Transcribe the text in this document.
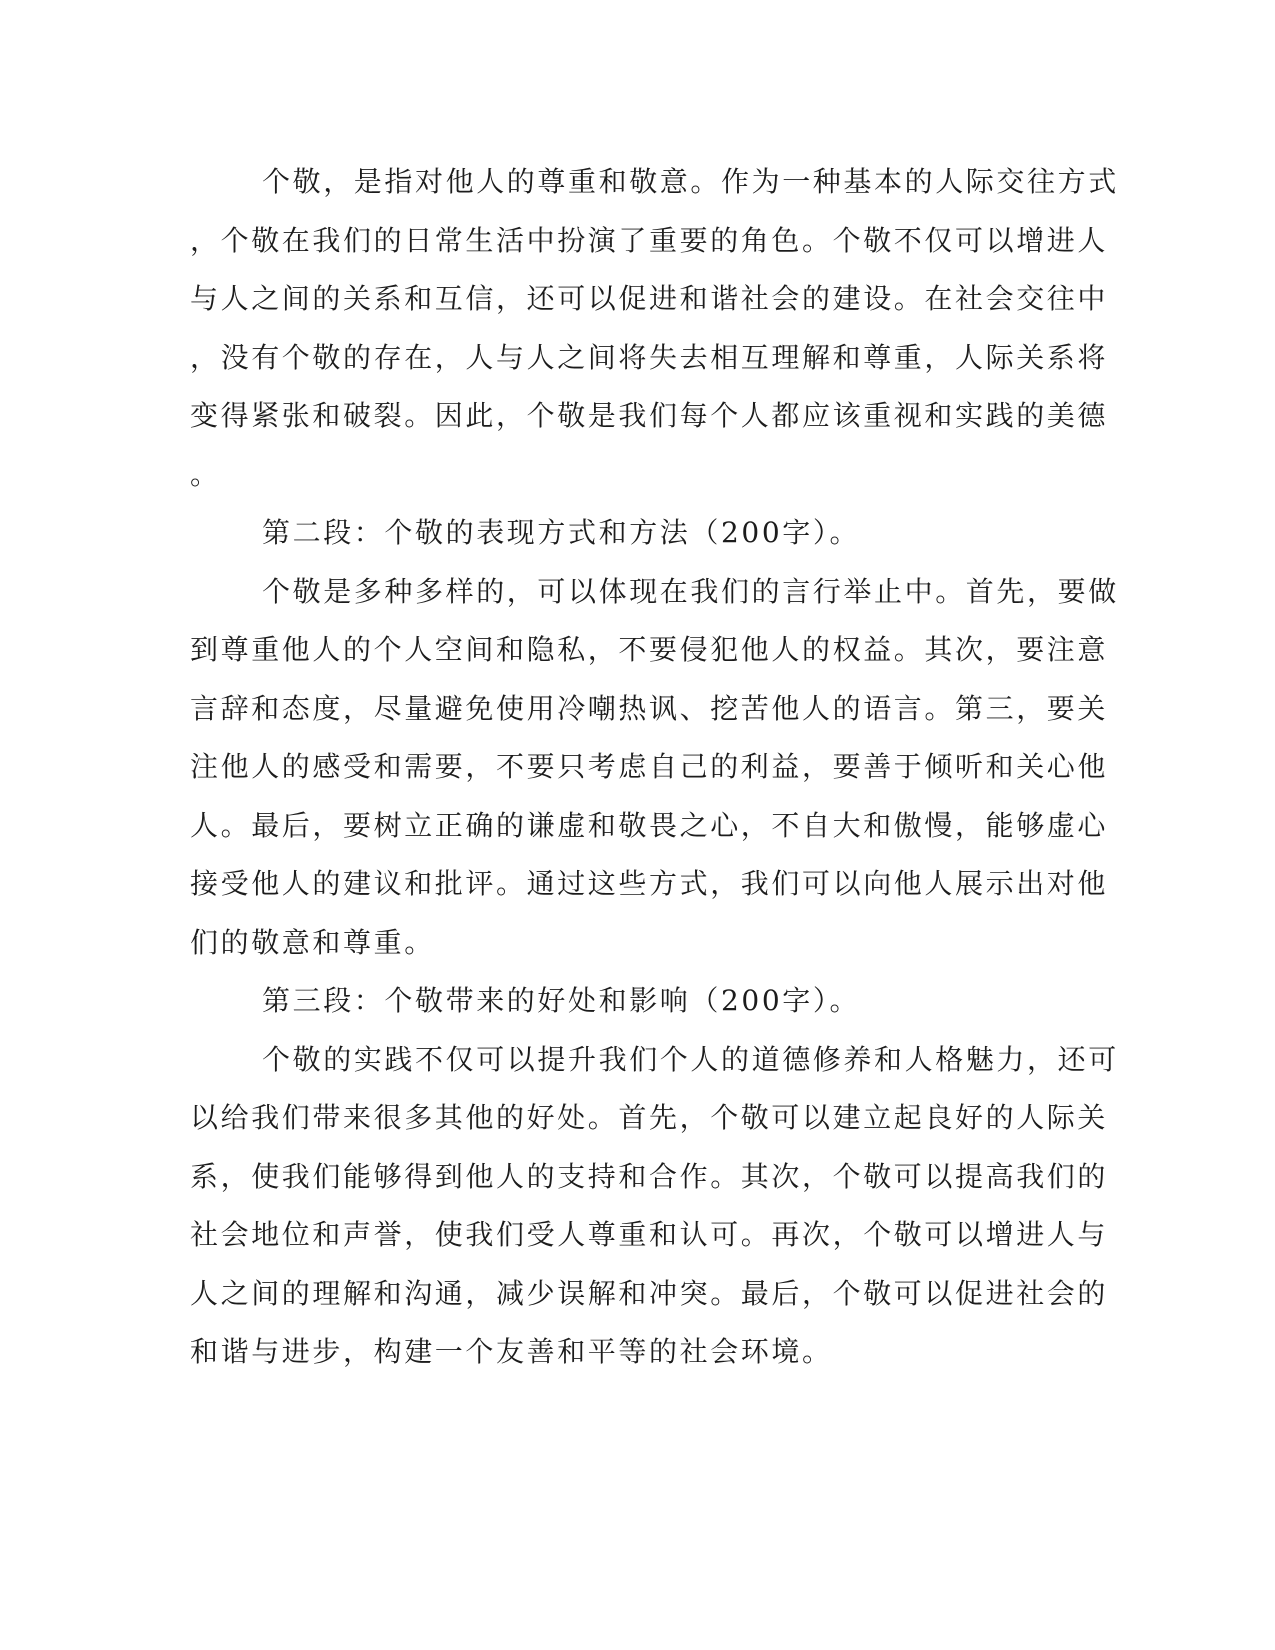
个敬，是指对他人的尊重和敬意。作为一种基本的人际交往方式
，个敬在我们的日常生活中扮演了重要的角色。个敬不仅可以增进人
与人之间的关系和互信，还可以促进和谐社会的建设。在社会交往中
，没有个敬的存在，人与人之间将失去相互理解和尊重，人际关系将
变得紧张和破裂。因此，个敬是我们每个人都应该重视和实践的美德
。
第二段：个敬的表现方式和方法（200字）。
个敬是多种多样的，可以体现在我们的言行举止中。首先，要做
到尊重他人的个人空间和隐私，不要侵犯他人的权益。其次，要注意
言辞和态度，尽量避免使用冷嘲热讽、挖苦他人的语言。第三，要关
注他人的感受和需要，不要只考虑自己的利益，要善于倾听和关心他
人。最后，要树立正确的谦虚和敬畏之心，不自大和傲慢，能够虚心
接受他人的建议和批评。通过这些方式，我们可以向他人展示出对他
们的敬意和尊重。
第三段：个敬带来的好处和影响（200字）。
个敬的实践不仅可以提升我们个人的道德修养和人格魅力，还可
以给我们带来很多其他的好处。首先，个敬可以建立起良好的人际关
系，使我们能够得到他人的支持和合作。其次，个敬可以提高我们的
社会地位和声誉，使我们受人尊重和认可。再次，个敬可以增进人与
人之间的理解和沟通，减少误解和冲突。最后，个敬可以促进社会的
和谐与进步，构建一个友善和平等的社会环境。
